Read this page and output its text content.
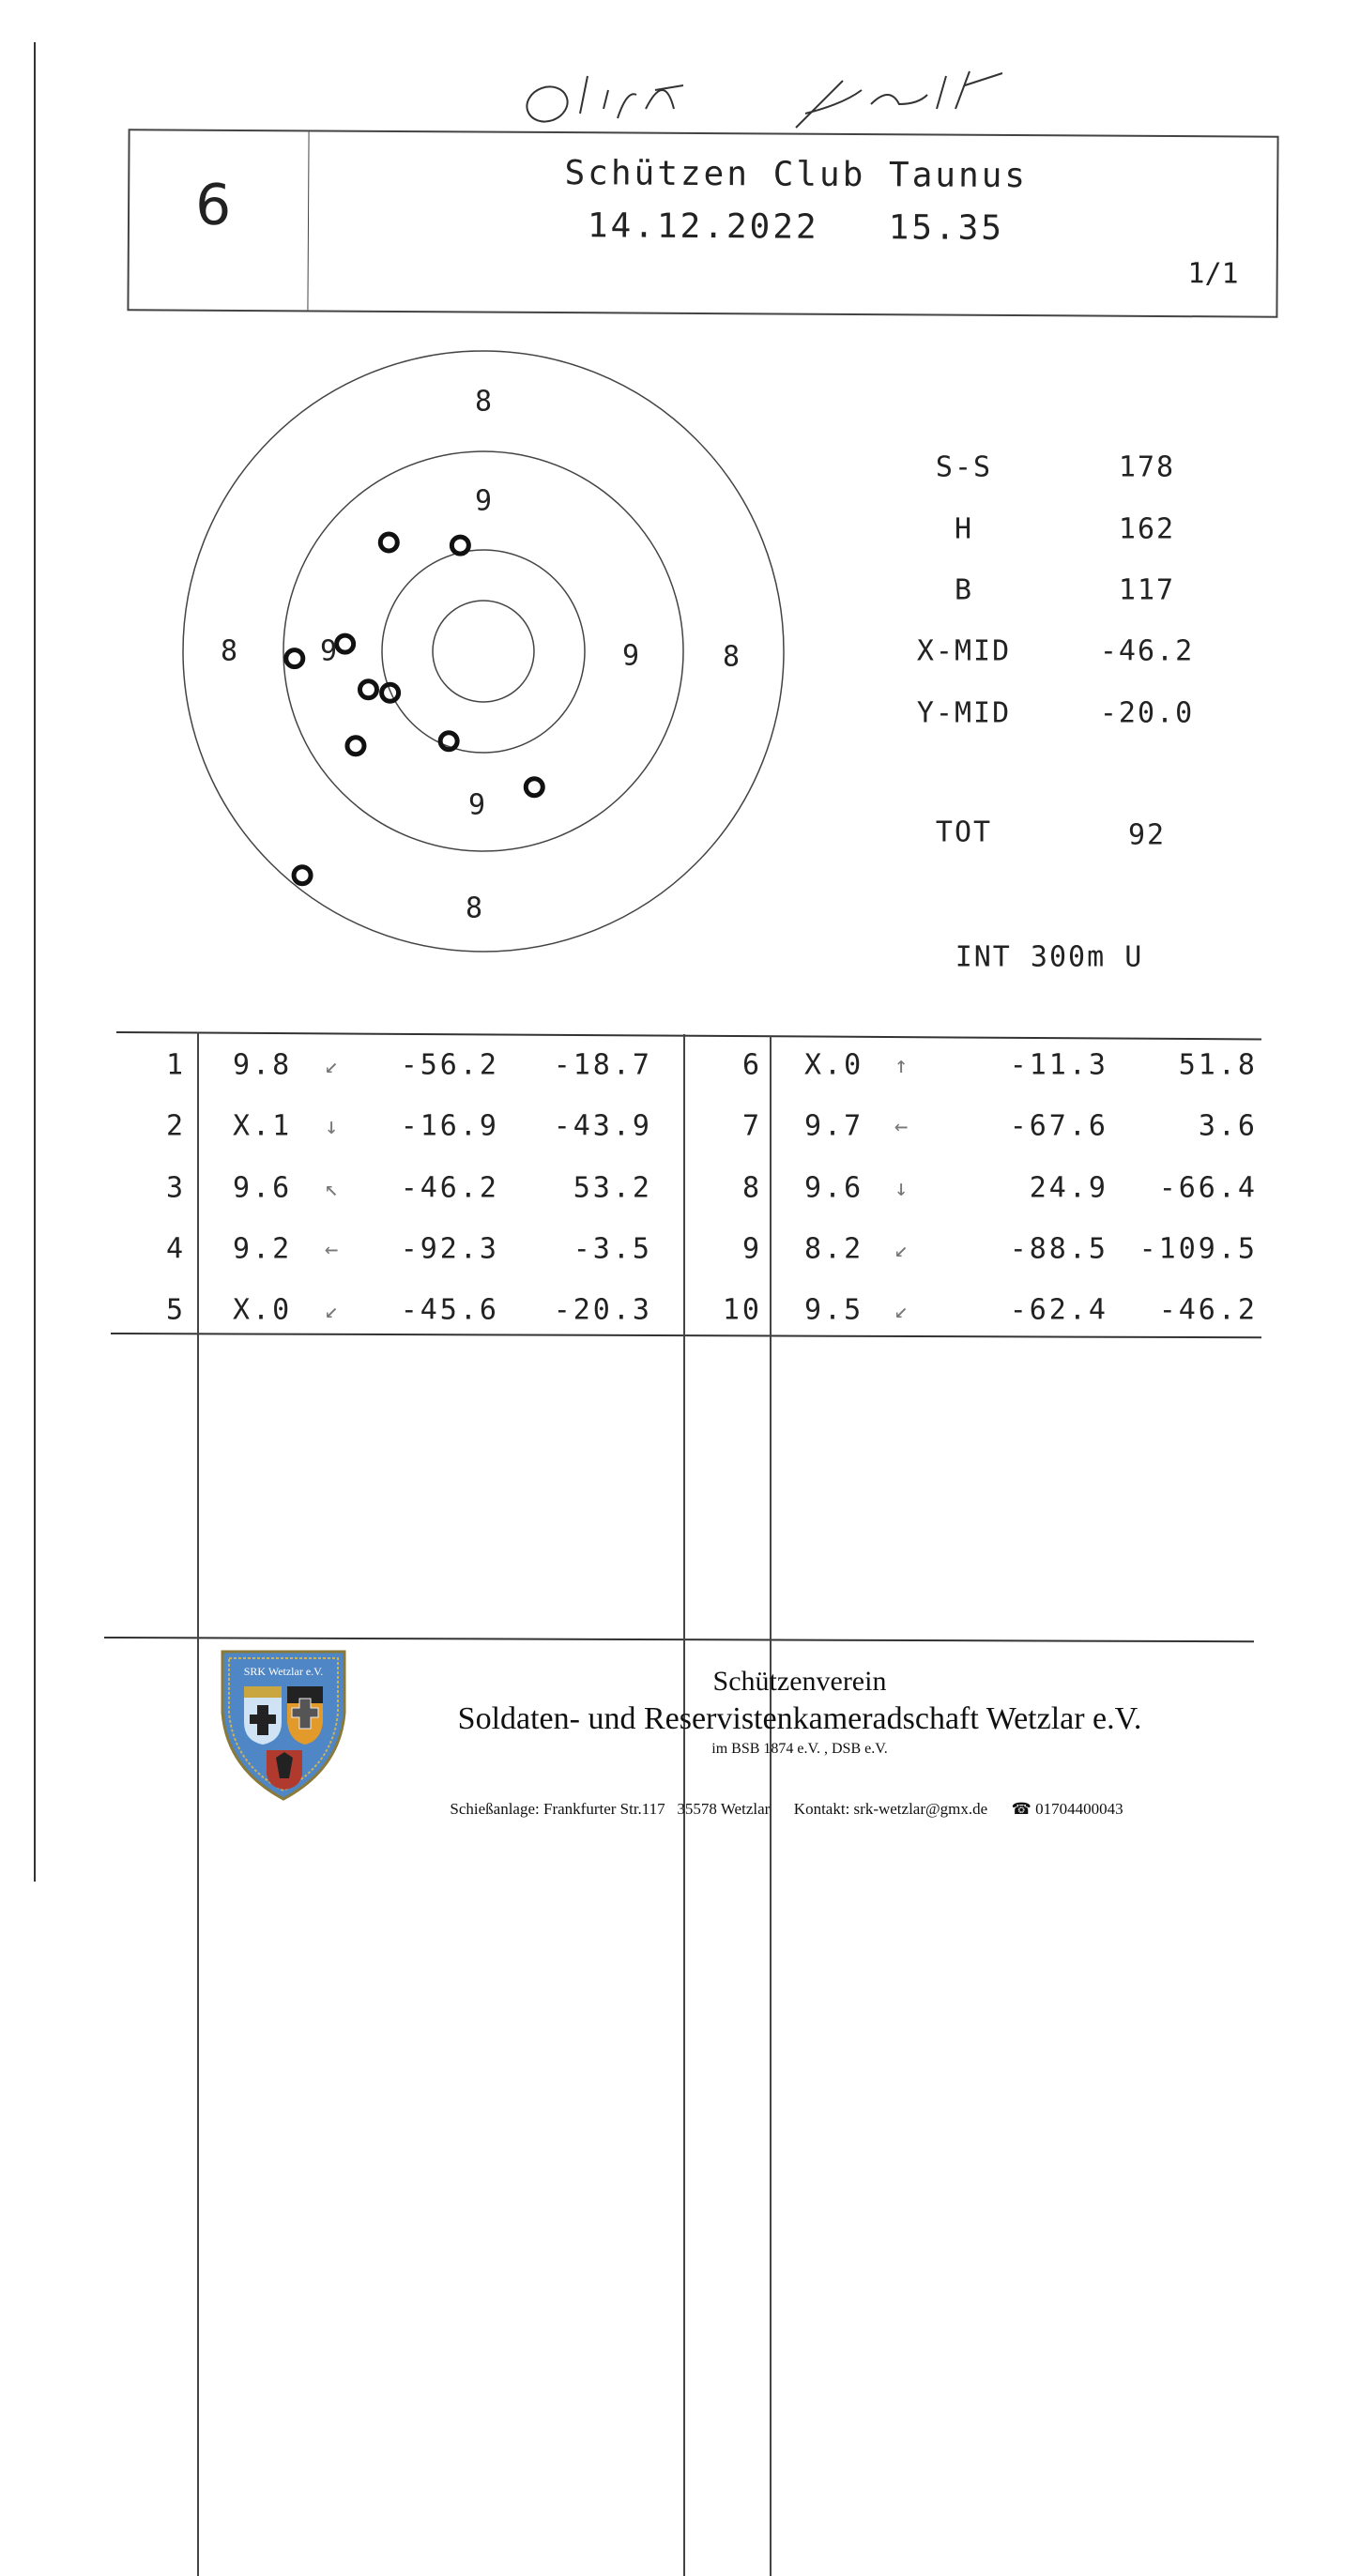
6	Schützen Club Taunus
14.12.2022   15.35
1/1
8
9
9
8
8	9	9	8
S-S	178
H	162
B	117
X-MID	-46.2
Y-MID	-20.0
TOT	92
INT 300m U
1 9.8 ↙	-56.2	-18.7
2 X.1 ↓	-16.9	-43.9
3 9.6 ↖	-46.2	53.2
4 9.2 ←	-92.3	-3.5
5 X.0 ↙	-45.6	-20.3
6 X.0 ↑	-11.3	51.8
7 9.7 ←	-67.6	3.6
8 9.6 ↓	24.9	-66.4
9 8.2 ↙	-88.5	-109.5
10 9.5 ↙	-62.4	-46.2
SRK Wetzlar e.V.	Schützenverein
Soldaten- und Reservistenkameradschaft Wetzlar e.V.
im BSB 1874 e.V. , DSB e.V.
Schießanlage: Frankfurter Str.117   35578 Wetzlar Kontakt: srk-wetzlar@gmx.de ☎ 01704400043
